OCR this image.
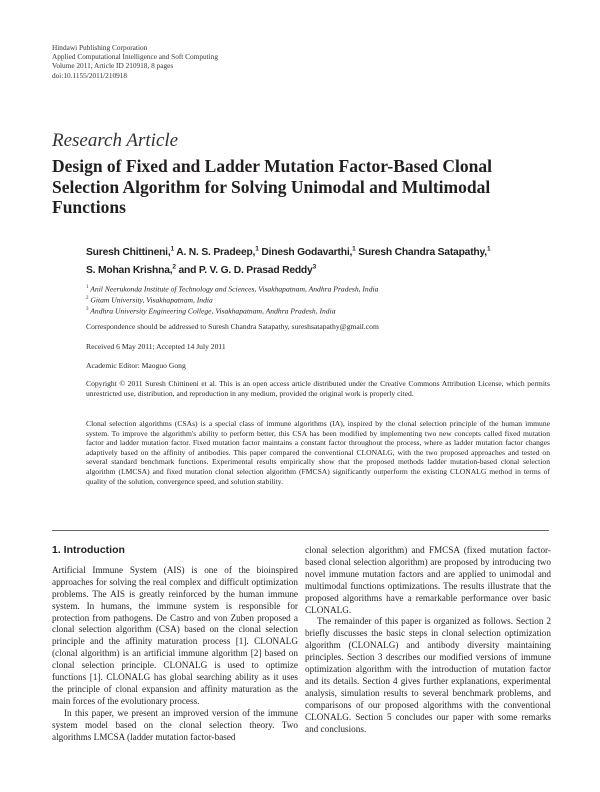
Hindawi Publishing Corporation
Applied Computational Intelligence and Soft Computing
Volume 2011, Article ID 210918, 8 pages
doi:10.1155/2011/210918
Research Article
Design of Fixed and Ladder Mutation Factor-Based Clonal Selection Algorithm for Solving Unimodal and Multimodal Functions
Suresh Chittineni,$^1$ A. N. S. Pradeep,$^1$ Dinesh Godavarthi,$^1$ Suresh Chandra Satapathy,$^1$
S. Mohan Krishna,$^2$ and P. V. G. D. Prasad Reddy$^3$
$^1$ Anil Neerukonda Institute of Technology and Sciences, Visakhapatnam, Andhra Pradesh, India
$^2$ Gitam University, Visakhapatnam, India
$^3$ Andhra University Engineering College, Visakhapatnam, Andhra Pradesh, India
Correspondence should be addressed to Suresh Chandra Satapathy, sureshsatapathy@gmail.com
Received 6 May 2011; Accepted 14 July 2011
Academic Editor: Maoguo Gong
Copyright © 2011 Suresh Chittineni et al. This is an open access article distributed under the Creative Commons Attribution License, which permits unrestricted use, distribution, and reproduction in any medium, provided the original work is properly cited.
Clonal selection algorithms (CSAs) is a special class of immune algorithms (IA), inspired by the clonal selection principle of the human immune system. To improve the algorithm's ability to perform better, this CSA has been modified by implementing two new concepts called fixed mutation factor and ladder mutation factor. Fixed mutation factor maintains a constant factor throughout the process, where as ladder mutation factor changes adaptively based on the affinity of antibodies. This paper compared the conventional CLONALG, with the two proposed approaches and tested on several standard benchmark functions. Experimental results empirically show that the proposed methods ladder mutation-based clonal selection algorithm (LMCSA) and fixed mutation clonal selection algorithm (FMCSA) significantly outperform the existing CLONALG method in terms of quality of the solution, convergence speed, and solution stability.
1. Introduction

Artificial Immune System (AIS) is one of the bioinspired approaches for solving the real complex and difficult optimization problems. The AIS is greatly reinforced by the human immune system. In humans, the immune system is responsible for protection from pathogens. De Castro and von Zuben proposed a clonal selection algorithm (CSA) based on the clonal selection principle and the affinity maturation process [1]. CLONALG (clonal algorithm) is an artificial immune algorithm [2] based on clonal selection principle. CLONALG is used to optimize functions [1]. CLONALG has global searching ability as it uses the principle of clonal expansion and affinity maturation as the main forces of the evolutionary process.

In this paper, we present an improved version of the immune system model based on the clonal selection theory. Two algorithms LMCSA (ladder mutation factor-based

clonal selection algorithm) and FMCSA (fixed mutation factor-based clonal selection algorithm) are proposed by introducing two novel immune mutation factors and are applied to unimodal and multimodal functions optimizations. The results illustrate that the proposed algorithms have a remarkable performance over basic CLONALG.

The remainder of this paper is organized as follows. Section 2 briefly discusses the basic steps in clonal selection optimization algorithm (CLONALG) and antibody diversity maintaining principles. Section 3 describes our modified versions of immune optimization algorithm with the introduction of mutation factor and its details. Section 4 gives further explanations, experimental analysis, simulation results to several benchmark problems, and comparisons of our proposed algorithms with the conventional CLONALG. Section 5 concludes our paper with some remarks and conclusions.
